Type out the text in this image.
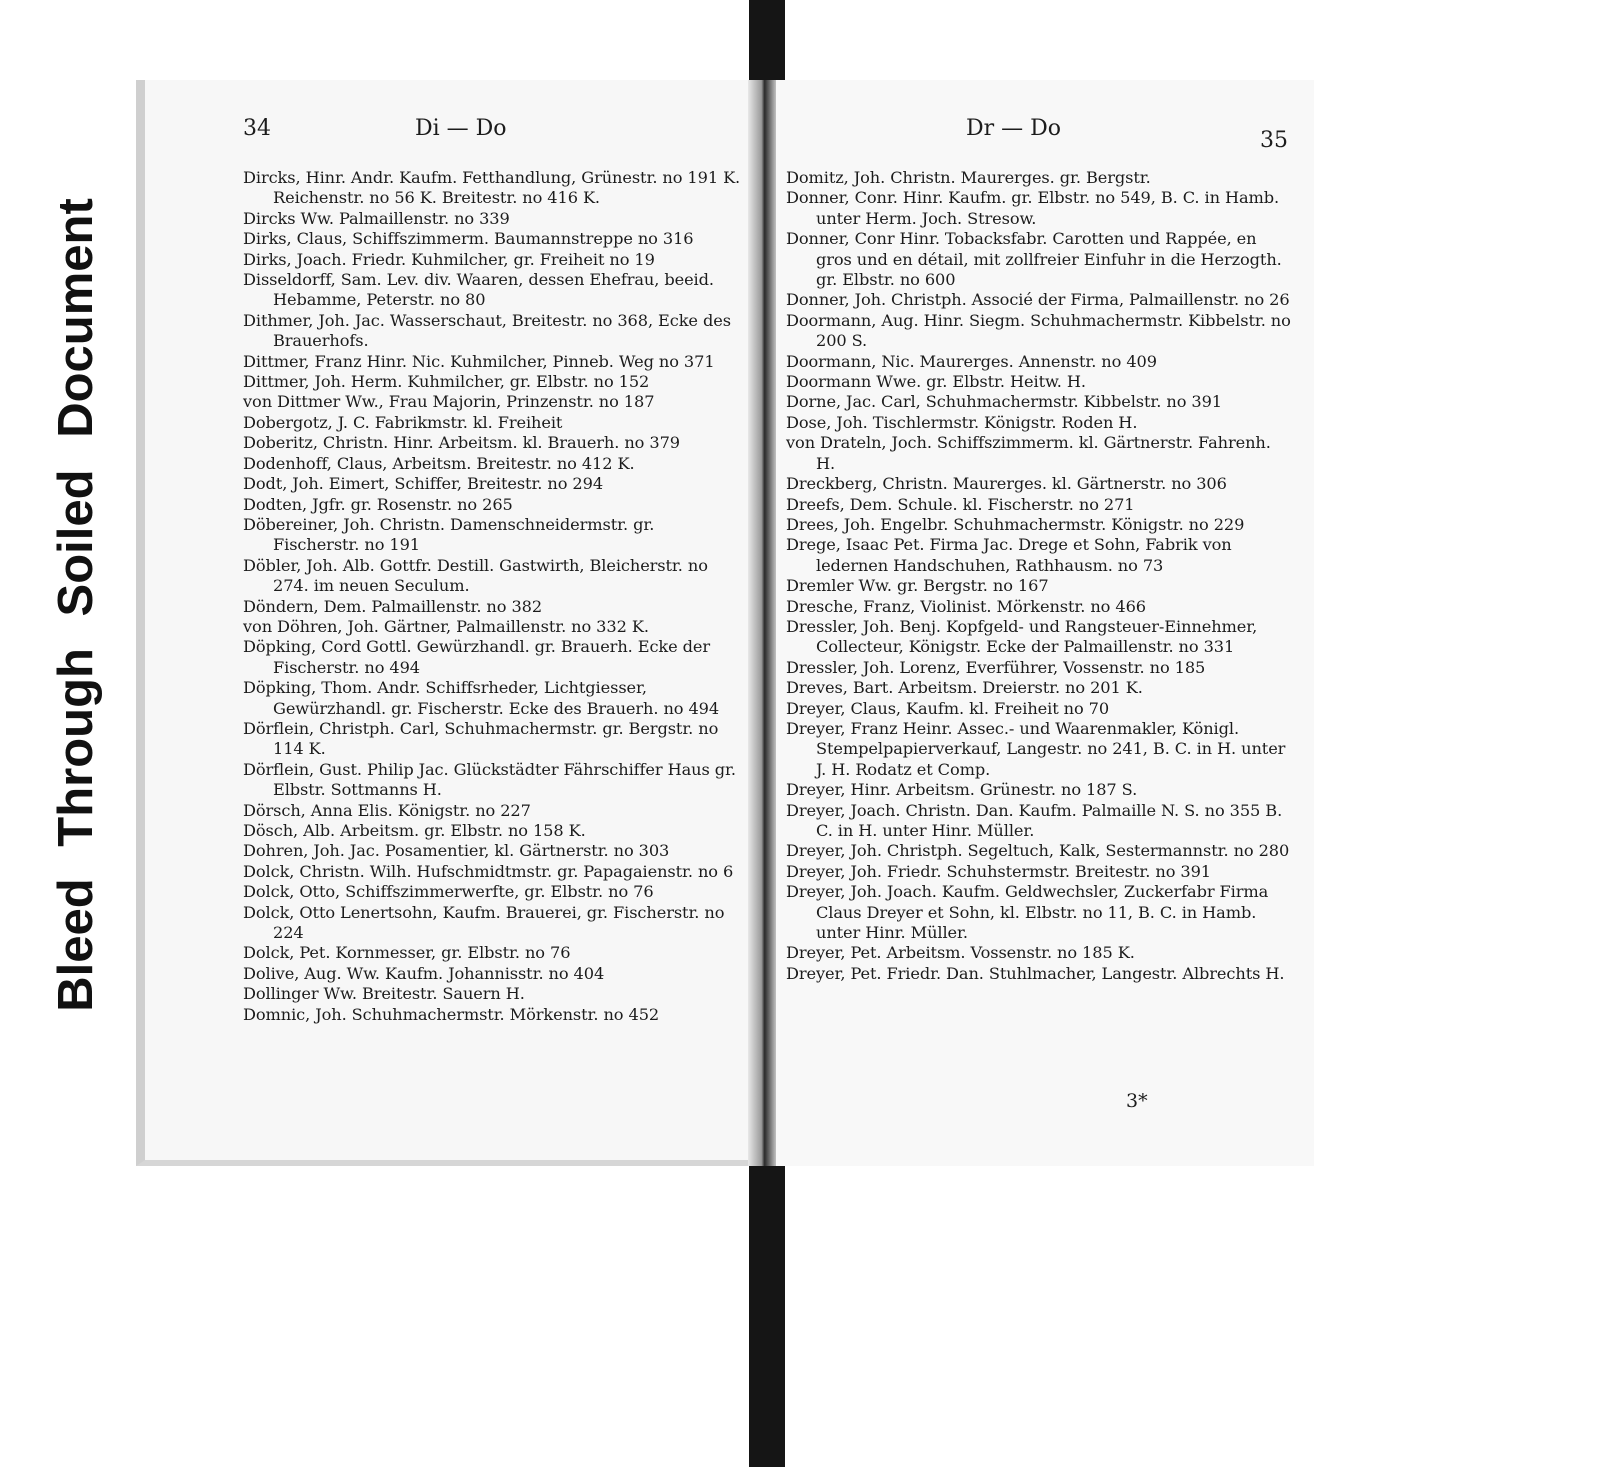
Bleed Through Soiled Document
34	Di — Do

Dircks, Hinr. Andr. Kaufm. Fetthandlung, Grünestr. no 191 K. Reichenstr. no 56 K. Breitestr. no 416 K.

Dircks Ww. Palmaillenstr. no 339

Dirks, Claus, Schiffszimmerm. Baumannstreppe no 316

Dirks, Joach. Friedr. Kuhmilcher, gr. Freiheit no 19

Disseldorff, Sam. Lev. div. Waaren, dessen Ehefrau, beeid. Hebamme, Peterstr. no 80

Dithmer, Joh. Jac. Wasserschaut, Breitestr. no 368, Ecke des Brauerhofs.

Dittmer, Franz Hinr. Nic. Kuhmilcher, Pinneb. Weg no 371

Dittmer, Joh. Herm. Kuhmilcher, gr. Elbstr. no 152

von Dittmer Ww., Frau Majorin, Prinzenstr. no 187

Dobergotz, J. C. Fabrikmstr. kl. Freiheit

Doberitz, Christn. Hinr. Arbeitsm. kl. Brauerh. no 379

Dodenhoff, Claus, Arbeitsm. Breitestr. no 412 K.

Dodt, Joh. Eimert, Schiffer, Breitestr. no 294

Dodten, Jgfr. gr. Rosenstr. no 265

Döbereiner, Joh. Christn. Damenschneidermstr. gr. Fischerstr. no 191

Döbler, Joh. Alb. Gottfr. Destill. Gastwirth, Bleicherstr. no 274. im neuen Seculum.

Döndern, Dem. Palmaillenstr. no 382

von Döhren, Joh. Gärtner, Palmaillenstr. no 332 K.

Döpking, Cord Gottl. Gewürzhandl. gr. Brauerh. Ecke der Fischerstr. no 494

Döpking, Thom. Andr. Schiffsrheder, Lichtgiesser, Gewürzhandl. gr. Fischerstr. Ecke des Brauerh. no 494

Dörflein, Christph. Carl, Schuhmachermstr. gr. Bergstr. no 114 K.

Dörflein, Gust. Philip Jac. Glückstädter Fährschiffer Haus gr. Elbstr. Sottmanns H.

Dörsch, Anna Elis. Königstr. no 227

Dösch, Alb. Arbeitsm. gr. Elbstr. no 158 K.

Dohren, Joh. Jac. Posamentier, kl. Gärtnerstr. no 303

Dolck, Christn. Wilh. Hufschmidtmstr. gr. Papagaienstr. no 6

Dolck, Otto, Schiffszimmerwerfte, gr. Elbstr. no 76

Dolck, Otto Lenertsohn, Kaufm. Brauerei, gr. Fischerstr. no 224

Dolck, Pet. Kornmesser, gr. Elbstr. no 76

Dolive, Aug. Ww. Kaufm. Johannisstr. no 404

Dollinger Ww. Breitestr. Sauern H.

Domnic, Joh. Schuhmachermstr. Mörkenstr. no 452

Dr — Do	35

Domitz, Joh. Christn. Maurerges. gr. Bergstr.

Donner, Conr. Hinr. Kaufm. gr. Elbstr. no 549, B. C. in Hamb. unter Herm. Joch. Stresow.

Donner, Conr Hinr. Tobacksfabr. Carotten und Rappée, en gros und en détail, mit zollfreier Einfuhr in die Herzogth. gr. Elbstr. no 600

Donner, Joh. Christph. Associé der Firma, Palmaillenstr. no 26

Doormann, Aug. Hinr. Siegm. Schuhmachermstr. Kibbelstr. no 200 S.

Doormann, Nic. Maurerges. Annenstr. no 409

Doormann Wwe. gr. Elbstr. Heitw. H.

Dorne, Jac. Carl, Schuhmachermstr. Kibbelstr. no 391

Dose, Joh. Tischlermstr. Königstr. Roden H.

von Drateln, Joch. Schiffszimmerm. kl. Gärtnerstr. Fahrenh. H.

Dreckberg, Christn. Maurerges. kl. Gärtnerstr. no 306

Dreefs, Dem. Schule. kl. Fischerstr. no 271

Drees, Joh. Engelbr. Schuhmachermstr. Königstr. no 229

Drege, Isaac Pet. Firma Jac. Drege et Sohn, Fabrik von ledernen Handschuhen, Rathhausm. no 73

Dremler Ww. gr. Bergstr. no 167

Dresche, Franz, Violinist. Mörkenstr. no 466

Dressler, Joh. Benj. Kopfgeld- und Rangsteuer-Einnehmer, Collecteur, Königstr. Ecke der Palmaillenstr. no 331

Dressler, Joh. Lorenz, Everführer, Vossenstr. no 185

Dreves, Bart. Arbeitsm. Dreierstr. no 201 K.

Dreyer, Claus, Kaufm. kl. Freiheit no 70

Dreyer, Franz Heinr. Assec.- und Waarenmakler, Königl. Stempelpapierverkauf, Langestr. no 241, B. C. in H. unter J. H. Rodatz et Comp.

Dreyer, Hinr. Arbeitsm. Grünestr. no 187 S.

Dreyer, Joach. Christn. Dan. Kaufm. Palmaille N. S. no 355 B. C. in H. unter Hinr. Müller.

Dreyer, Joh. Christph. Segeltuch, Kalk, Sestermannstr. no 280

Dreyer, Joh. Friedr. Schuhstermstr. Breitestr. no 391

Dreyer, Joh. Joach. Kaufm. Geldwechsler, Zuckerfabr Firma Claus Dreyer et Sohn, kl. Elbstr. no 11, B. C. in Hamb. unter Hinr. Müller.

Dreyer, Pet. Arbeitsm. Vossenstr. no 185 K.

Dreyer, Pet. Friedr. Dan. Stuhlmacher, Langestr. Albrechts H.

3*
